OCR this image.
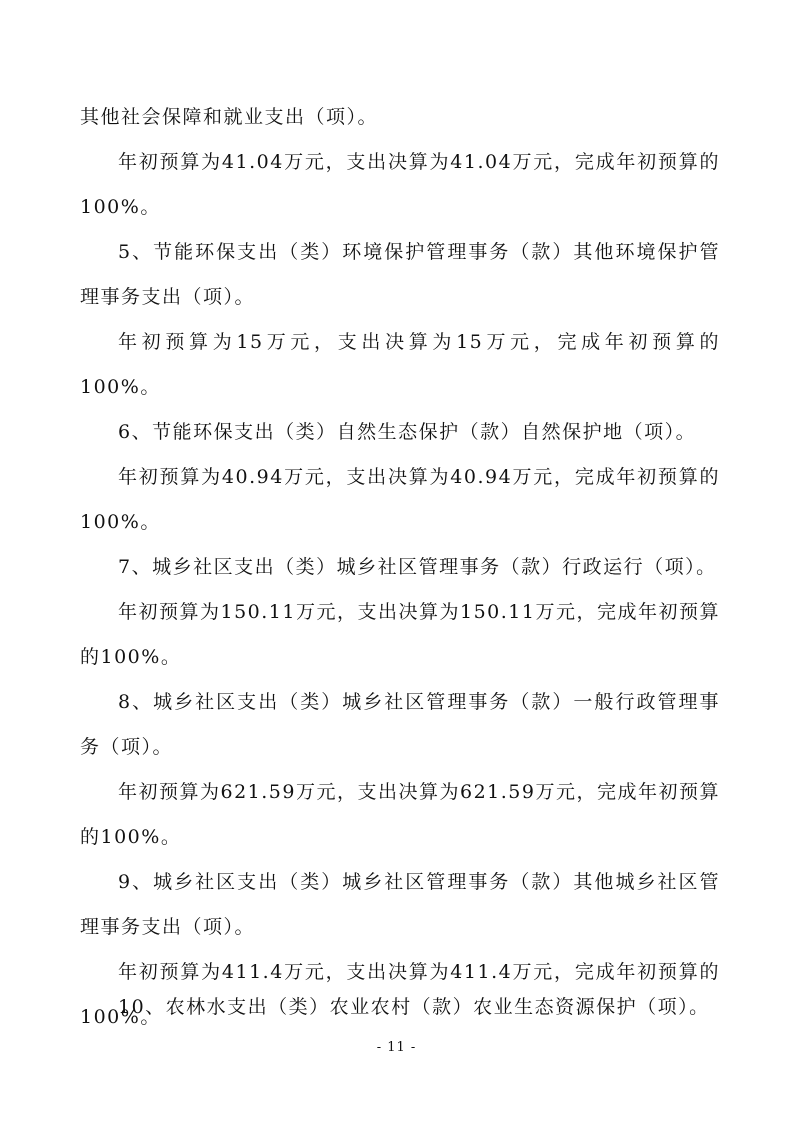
其他社会保障和就业支出（项）。

年初预算为41.04万元，支出决算为41.04万元，完成年初预算的100%。

5、节能环保支出（类）环境保护管理事务（款）其他环境保护管理事务支出（项）。

年初预算为15万元，支出决算为15万元，完成年初预算的100%。

6、节能环保支出（类）自然生态保护（款）自然保护地（项）。

年初预算为40.94万元，支出决算为40.94万元，完成年初预算的100%。

7、城乡社区支出（类）城乡社区管理事务（款）行政运行（项）。

年初预算为150.11万元，支出决算为150.11万元，完成年初预算的100%。

8、城乡社区支出（类）城乡社区管理事务（款）一般行政管理事务（项）。

年初预算为621.59万元，支出决算为621.59万元，完成年初预算的100%。

9、城乡社区支出（类）城乡社区管理事务（款）其他城乡社区管理事务支出（项）。

年初预算为411.4万元，支出决算为411.4万元，完成年初预算的100%。

10、农林水支出（类）农业农村（款）农业生态资源保护（项）。

- 11 -
